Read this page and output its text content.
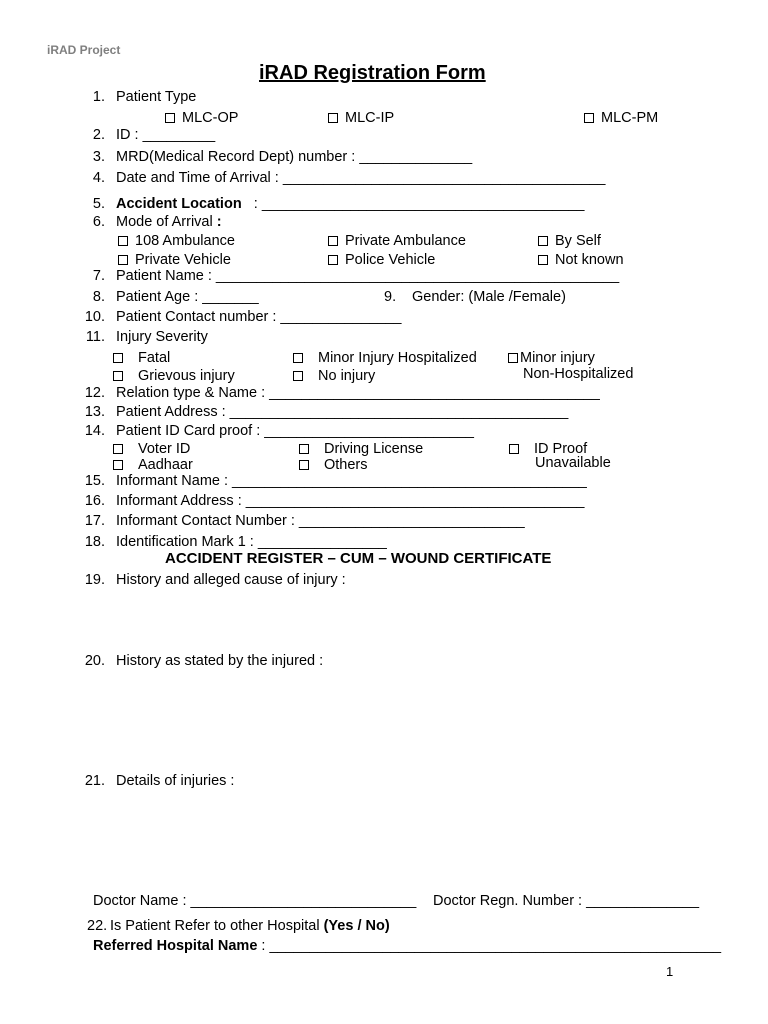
iRAD Project
iRAD Registration Form
1. Patient Type
MLC-OP	MLC-IP	MLC-PM
2. ID : _________
3. MRD(Medical Record Dept) number : ______________
4. Date and Time of Arrival : ________________________________________
5. Accident Location : ________________________________________
6. Mode of Arrival :
108 Ambulance	Private Ambulance	By Self
Private Vehicle	Police Vehicle	Not known
7. Patient Name : __________________________________________________
8. Patient Age : _______	9. Gender: (Male /Female)
10. Patient Contact number : _______________
11. Injury Severity
Fatal	Minor Injury Hospitalized	Minor injury
Non-Hospitalized
Grievous injury	No injury
12. Relation type & Name : _________________________________________
13. Patient Address : __________________________________________
14. Patient ID Card proof : __________________________
Voter ID	Driving License	ID Proof
Unavailable
Aadhaar	Others
15. Informant Name : ____________________________________________
16. Informant Address : __________________________________________
17. Informant Contact Number : ____________________________
18. Identification Mark 1 : ________________
ACCIDENT REGISTER – CUM – WOUND CERTIFICATE
19. History and alleged cause of injury :
20. History as stated by the injured :
21. Details of injuries :
Doctor Name : ____________________________ Doctor Regn. Number : ______________
22. Is Patient Refer to other Hospital (Yes / No)
Referred Hospital Name : ________________________________________________________
1
